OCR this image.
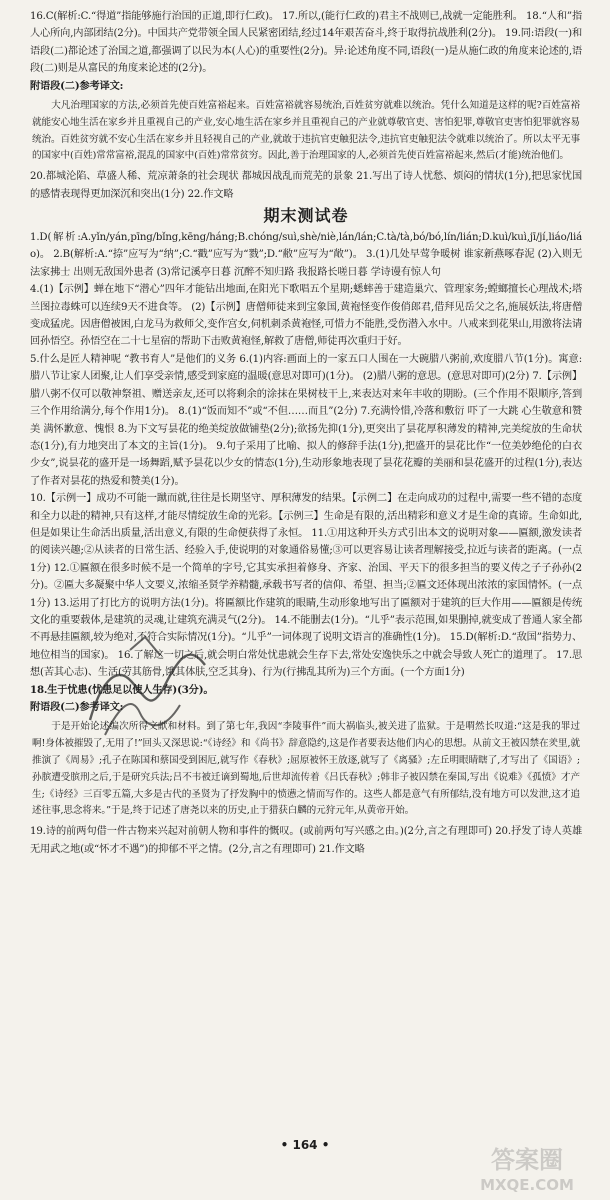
16.C(解析:C.“得道”指能够施行治国的正道,即行仁政)。 17.所以,(能行仁政的)君主不战则已,战就一定能胜利。 18.“人和”指人心所向,内部团结(2分)。中国共产党带领全国人民紧密团结,经过14年艰苦奋斗,终于取得抗战胜利(2分)。 19.同:语段(一)和语段(二)都论述了治国之道,都强调了以民为本(人心)的重要性(2分)。异:论述角度不同,语段(一)是从施仁政的角度来论述的,语段(二)则是从富民的角度来论述的(2分)。

附语段(二)参考译文:

大凡治理国家的方法,必须首先使百姓富裕起来。百姓富裕就容易统治,百姓贫穷就难以统治。凭什么知道是这样的呢?百姓富裕就能安心地生活在家乡并且重视自己的产业,安心地生活在家乡并且重视自己的产业就尊敬官吏、害怕犯罪,尊敬官吏害怕犯罪就容易统治。百姓贫穷就不安心生活在家乡并且轻视自己的产业,就敢于违抗官吏触犯法令,违抗官吏触犯法令就难以统治了。所以太平无事的国家中(百姓)常常富裕,混乱的国家中(百姓)常常贫穷。因此,善于治理国家的人,必须首先使百姓富裕起来,然后(才能)统治他们。

20.都城沦陷、草盛人稀、荒凉萧条的社会现状 都城因战乱而荒芜的景象 21.写出了诗人忧愁、烦闷的情状(1分),把思家忧国的感情表现得更加深沉和突出(1分) 22.作文略

期末测试卷

1.D(解析:A.yǐn/yán,pīng/bǐng,kēng/háng;B.chóng/suì,shè/niè,lán/lán;C.tà/tà,bó/bó,lín/lián;D.kuì/kuì,jī/jí,liáo/liáo)。 2.B(解析:A.“捺”应写为“纳”;C.“戳”应写为“戮”;D.“敝”应写为“敞”)。 3.(1)几处早莺争暖树 谁家新燕啄春泥 (2)入则无法家拂士 出则无敌国外患者 (3)常记溪亭日暮 沉醉不知归路 我报路长嗟日暮 学诗谩有惊人句

4.(1)【示例】蝉在地下“潜心”四年才能钻出地面,在阳光下歌唱五个星期;蟋蟀善于建造巢穴、管理家务;螳螂擅长心理战术;塔兰图拉毒蛛可以连续9天不进食等。 (2)【示例】唐僧师徒来到宝象国,黄袍怪变作俊俏郎君,借拜见岳父之名,施展妖法,将唐僧变成猛虎。因唐僧被困,白龙马为救师父,变作宫女,伺机刺杀黄袍怪,可惜力不能胜,受伤潜入水中。八戒来到花果山,用激将法请回孙悟空。孙悟空在二十七星宿的帮助下击败黄袍怪,解救了唐僧,师徒再次重归于好。

5.什么是匠人精神呢 “教书育人”是他们的义务 6.(1)内容:画面上的一家五口人围在一大碗腊八粥前,欢度腊八节(1分)。寓意:腊八节让家人团聚,让人们享受亲情,感受到家庭的温暖(意思对即可)(1分)。 (2)腊八粥的意思。(意思对即可)(2分) 7.【示例】腊八粥不仅可以敬神祭祖、赠送亲友,还可以将剩余的涂抹在果树枝干上,来表达对来年丰收的期盼。(三个作用不限顺序,答到三个作用给满分,每个作用1分)。 8.(1)“饭而知不”或“不但……而且”(2分) 7.充满怜惜,冷落和敷衍 吓了一大跳 心生敬意和赞美 满怀歉意、愧恨 8.为下文写昙花的绝美绽放做铺垫(2分);欲扬先抑(1分),更突出了昙花厚积薄发的精神,完美绽放的生命状态(1分),有力地突出了本文的主旨(1分)。 9.句子采用了比喻、拟人的修辞手法(1分),把盛开的昙花比作“一位美妙绝伦的白衣少女”,说昙花的盛开是一场舞蹈,赋予昙花以少女的情态(1分),生动形象地表现了昙花花瓣的美丽和昙花盛开的过程(1分),表达了作者对昙花的热爱和赞美(1分)。

10.【示例一】成功不可能一蹴而就,往往是长期坚守、厚积薄发的结果。【示例二】在走向成功的过程中,需要一些不错的态度和全力以赴的精神,只有这样,才能尽情绽放生命的光彩。【示例三】生命是有限的,活出精彩和意义才是生命的真谛。生命如此,但是如果让生命活出质量,活出意义,有限的生命便获得了永恒。 11.①用这种开头方式引出本文的说明对象——匾额,激发读者的阅读兴趣;②从读者的日常生活、经验入手,使说明的对象通俗易懂;③可以更容易让读者理解接受,拉近与读者的距离。(一点1分) 12.①匾额在很多时候不是一个简单的字号,它其实承担着修身、齐家、治国、平天下的很多担当的要义传之子子孙孙(2分)。②匾大多凝聚中华人文要义,浓缩圣贤学养精髓,承载书写者的信仰、希望、担当;②匾文还体现出浓浓的家国情怀。(一点1分) 13.运用了打比方的说明方法(1分)。将匾额比作建筑的眼睛,生动形象地写出了匾额对于建筑的巨大作用——匾额是传统文化的重要载体,是建筑的灵魂,让建筑充满灵气(2分)。 14.不能删去(1分)。“儿乎”表示范围,如果删掉,就变成了普通人家全都不再悬挂匾额,较为绝对,不符合实际情况(1分)。“儿乎”一词体现了说明文语言的准确性(1分)。 15.D(解析:D.“敌国”指势力、地位相当的国家)。 16.了解这一切之后,就会明白常处忧患就会生存下去,常处安逸快乐之中就会导致人死亡的道理了。 17.思想(苦其心志)、生活(劳其筋骨,饿其体肤,空乏其身)、行为(行拂乱其所为)三个方面。(一个方面1分)

18.生于忧患(忧患足以使人生存)(3分)。

附语段(二)参考译文:

于是开始论述编次所得文献和材料。到了第七年,我因“李陵事件”而大祸临头,被关进了监狱。于是喟然长叹道:“这是我的罪过啊!身体被摧毁了,无用了!”回头又深思说:“《诗经》和《尚书》辞意隐约,这是作者要表达他们内心的思想。从前文王被囚禁在羑里,就推演了《周易》;孔子在陈国和蔡国受到困厄,就写作《春秋》;屈原被怀王放逐,就写了《离骚》;左丘明眼睛瞎了,才写出了《国语》;孙膑遭受膑刑之后,于是研究兵法;吕不韦被迁谪到蜀地,后世却流传着《吕氏春秋》;韩非子被囚禁在秦国,写出《说难》《孤愤》才产生;《诗经》三百零五篇,大多是古代的圣贤为了抒发胸中的愤懑之情而写作的。这些人都是意气有所郁结,没有地方可以发泄,这才追述往事,思念将来。”于是,终于记述了唐尧以来的历史,止于猎获白麟的元狩元年,从黄帝开始。

19.诗的前两句借一件古物来兴起对前朝人物和事件的慨叹。(或前两句写兴感之由。)(2分,言之有理即可) 20.抒发了诗人英雄无用武之地(或“怀才不遇”)的抑郁不平之情。(2分,言之有理即可) 21.作文略

• 164 •
答案圈
MXQE.COM
